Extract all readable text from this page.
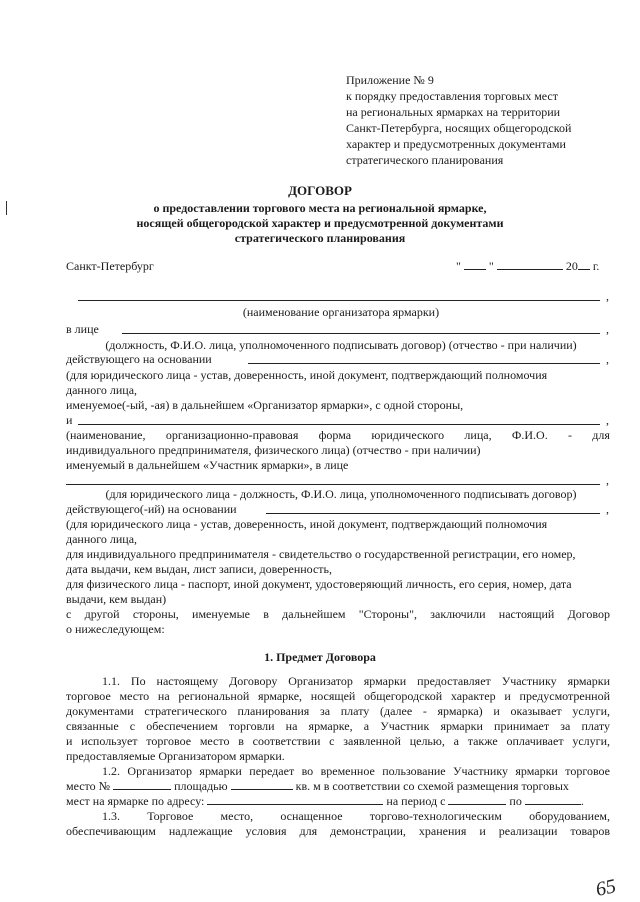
Приложение № 9
к порядку предоставления торговых мест
на региональных ярмарках на территории
Санкт-Петербурга, носящих общегородской
характер и предусмотренных документами
стратегического планирования
ДОГОВОР
о предоставлении торгового места на региональной ярмарке,
носящей общегородской характер и предусмотренной документами
стратегического планирования
Санкт-Петербург	" "	20 г.
,
(наименование организатора ярмарки)
в лице	,
(должность, Ф.И.О. лица, уполномоченного подписывать договор) (отчество - при наличии)
действующего на основании	,
(для юридического лица - устав, доверенность, иной документ, подтверждающий полномочия
данного лица,
именуемое(-ый, -ая) в дальнейшем «Организатор ярмарки», с одной стороны,
и	,
(наименование, организационно-правовая форма юридического лица, Ф.И.О. - для
индивидуального предпринимателя, физического лица) (отчество - при наличии)
именуемый в дальнейшем «Участник ярмарки», в лице
,
(для юридического лица - должность, Ф.И.О. лица, уполномоченного подписывать договор)
действующего(-ий) на основании	,
(для юридического лица - устав, доверенность, иной документ, подтверждающий полномочия
данного лица,
для индивидуального предпринимателя - свидетельство о государственной регистрации, его номер,
дата выдачи, кем выдан, лист записи, доверенность,
для физического лица - паспорт, иной документ, удостоверяющий личность, его серия, номер, дата
выдачи, кем выдан)
с другой стороны, именуемые в дальнейшем "Стороны", заключили настоящий Договор
о нижеследующем:
1. Предмет Договора
1.1. По настоящему Договору Организатор ярмарки предоставляет Участнику ярмарки
торговое место на региональной ярмарке, носящей общегородской характер и предусмотренной
документами стратегического планирования за плату (далее - ярмарка) и оказывает услуги,
связанные с обеспечением торговли на ярмарке, а Участник ярмарки принимает за плату
и использует торговое место в соответствии с заявленной целью, а также оплачивает услуги,
предоставляемые Организатором ярмарки.
1.2. Организатор ярмарки передает во временное пользование Участнику ярмарки торговое
место №	площадью	кв. м в соответствии со схемой размещения торговых
мест на ярмарке по адресу:	на период с	по	.
1.3. Торговое место, оснащенное торгово-технологическим оборудованием,
обеспечивающим надлежащие условия для демонстрации, хранения и реализации товаров
65
